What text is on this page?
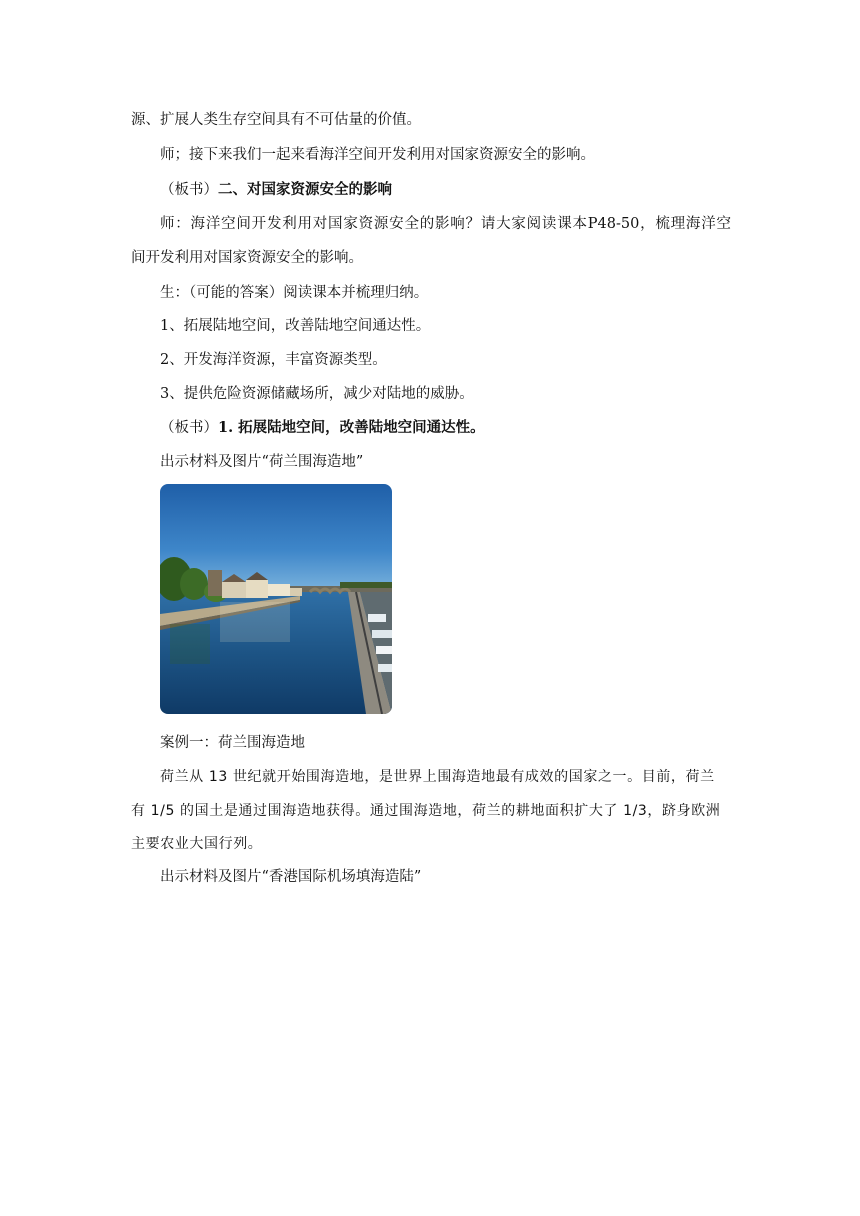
源、扩展人类生存空间具有不可估量的价值。
师；接下来我们一起来看海洋空间开发利用对国家资源安全的影响。
（板书）二、对国家资源安全的影响
师：海洋空间开发利用对国家资源安全的影响？请大家阅读课本P48-50，梳理海洋空
间开发利用对国家资源安全的影响。
生：（可能的答案）阅读课本并梳理归纳。
1、拓展陆地空间，改善陆地空间通达性。
2、开发海洋资源，丰富资源类型。
3、提供危险资源储藏场所，减少对陆地的威胁。
（板书）1. 拓展陆地空间，改善陆地空间通达性。
出示材料及图片“荷兰围海造地”
案例一：荷兰围海造地
荷兰从 13 世纪就开始围海造地，是世界上围海造地最有成效的国家之一。目前，荷兰
有 1/5 的国土是通过围海造地获得。通过围海造地，荷兰的耕地面积扩大了 1/3，跻身欧洲
主要农业大国行列。
出示材料及图片“香港国际机场填海造陆”
